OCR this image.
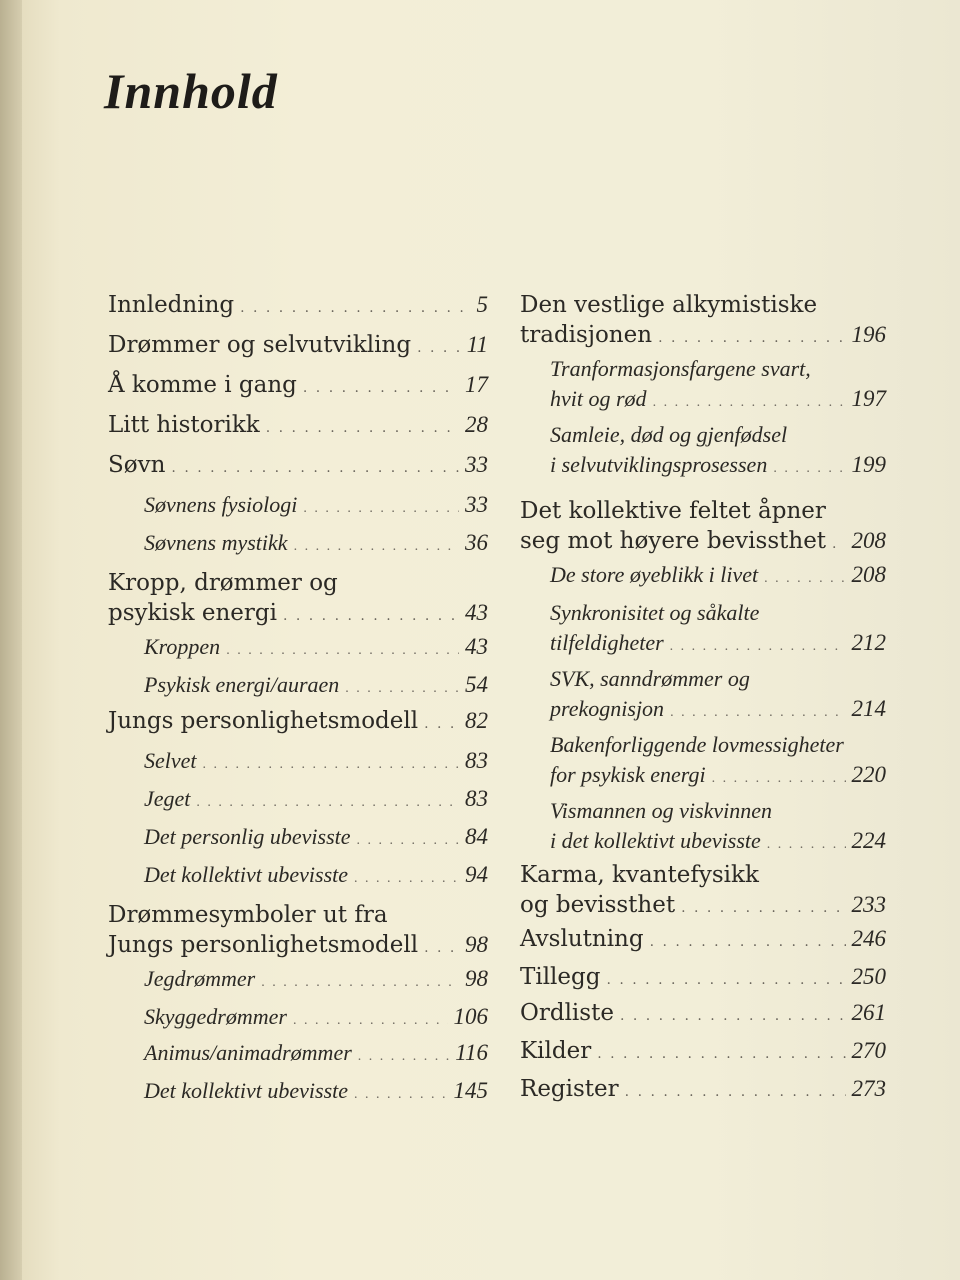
Innhold
Innledning . . .	5
Drømmer og selvutvikling . . . 11
Å komme i gang . . .	17
Litt historikk . . .	28
Søvn . . .	33
Søvnens fysiologi . . .	33
Søvnens mystikk . . .	36
Kropp, drømmer og
psykisk energi . . .	43
Kroppen . . .	43
Psykisk energi/auraen . . .	54
Jungs personlighetsmodell . . . 82
Selvet . . .	83
Jeget . . .	83
Det personlig ubevisste . . .	84
Det kollektivt ubevisste . . .	94
Drømmesymboler ut fra
Jungs personlighetsmodell . . . 98
Jegdrømmer . . .	98
Skyggedrømmer . . .	106
Animus/animadrømmer . . .	116
Det kollektivt ubevisste . . .	145
Den vestlige alkymistiske
tradisjonen . . .	196
Tranformasjonsfargene svart,
hvit og rød . . .	197
Samleie, død og gjenfødsel
i selvutviklingsprosessen . . .	199
Det kollektive feltet åpner
seg mot høyere bevissthet . . . 208
De store øyeblikk i livet . . .	208
Synkronisitet og såkalte
tilfeldigheter . . .	212
SVK, sanndrømmer og
prekognisjon . . .	214
Bakenforliggende lovmessigheter
for psykisk energi . . .	220
Vismannen og viskvinnen
i det kollektivt ubevisste . . .	224
Karma, kvantefysikk
og bevissthet . . .	233
Avslutning . . .	246
Tillegg . . .	250
Ordliste . . .	261
Kilder . . .	270
Register . . .	273
